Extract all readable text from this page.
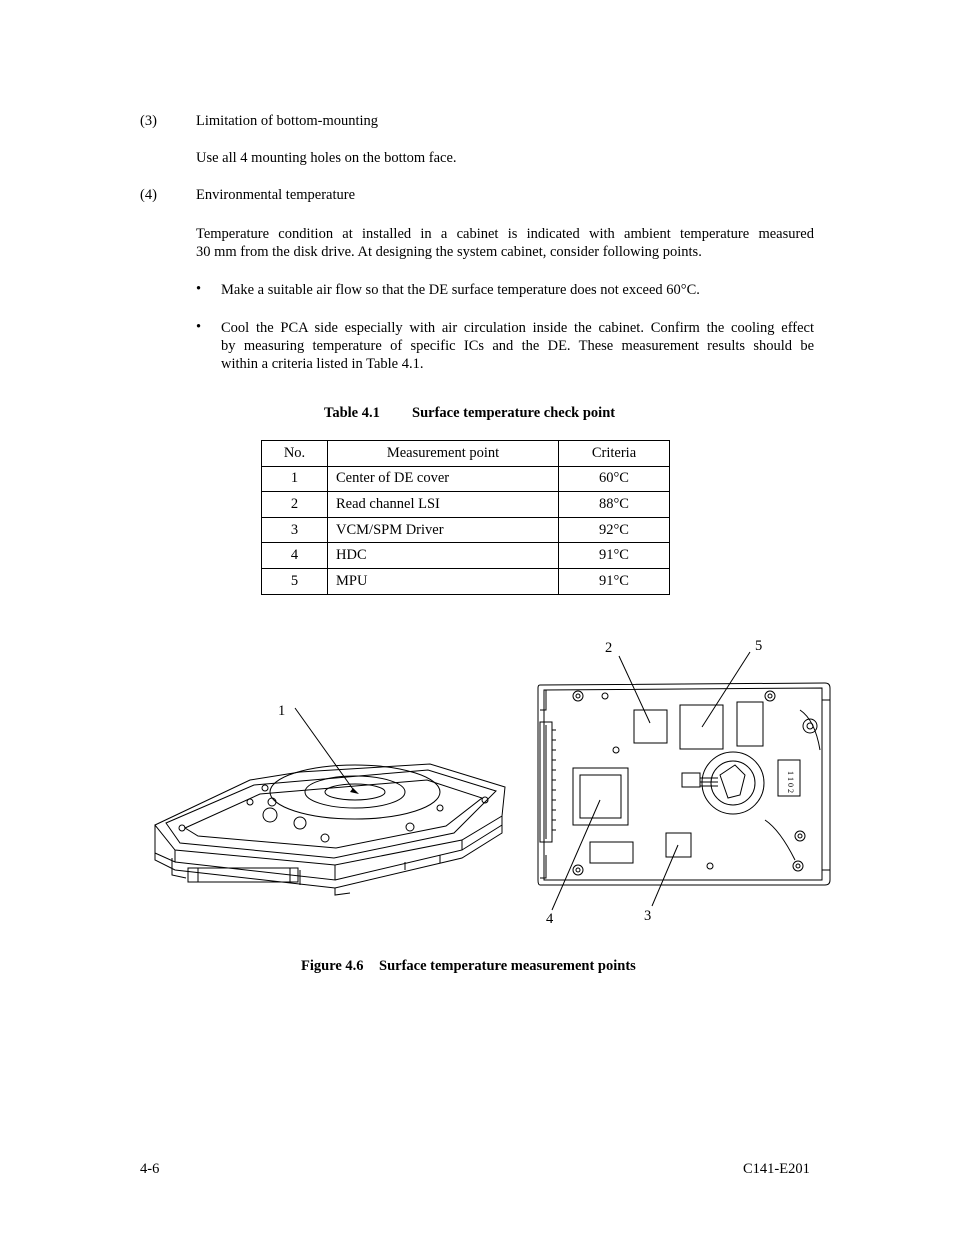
(3)	Limitation of bottom-mounting
Use all 4 mounting holes on the bottom face.
(4)	Environmental temperature
Temperature condition at installed in a cabinet is indicated with ambient temperature measured
30 mm from the disk drive. At designing the system cabinet, consider following points.
• Make a suitable air flow so that the DE surface temperature does not exceed 60°C.
• Cool the PCA side especially with air circulation inside the cabinet. Confirm the cooling effect
by measuring temperature of specific ICs and the DE. These measurement results should be
within a criteria listed in Table 4.1.
Table 4.1 Surface temperature check point
No.	Measurement point	Criteria
1	Center of DE cover	60°C
2	Read channel LSI	88°C
3	VCM/SPM Driver	92°C
4	HDC	91°C
5	MPU	91°C
1
2	5
4	3
1 1 0 2
Figure 4.6 Surface temperature measurement points
4-6	C141-E201
